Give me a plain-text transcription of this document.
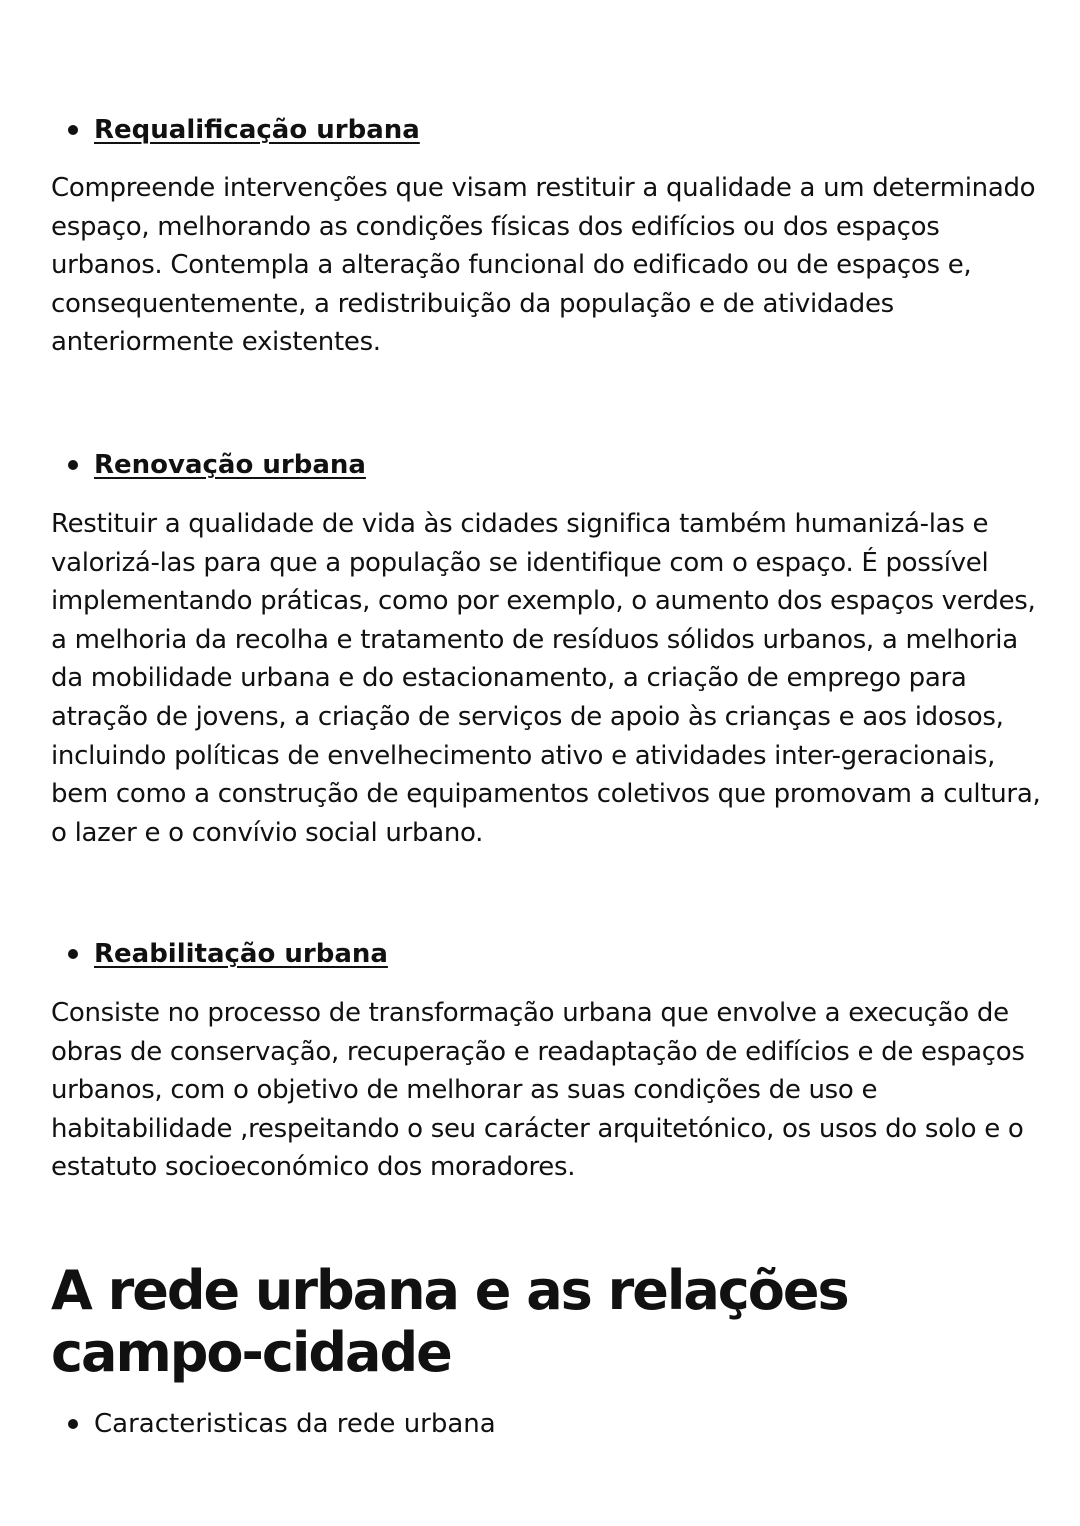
Requalificação urbana
Compreende intervenções que visam restituir a qualidade a um determinado espaço, melhorando as condições físicas dos edifícios ou dos espaços urbanos. Contempla a alteração funcional do edificado ou de espaços e, consequentemente, a redistribuição da população e de atividades anteriormente existentes.
Renovação urbana
Restituir a qualidade de vida às cidades significa também humanizá-las e valorizá-las para que a população se identifique com o espaço. É possível implementando práticas, como por exemplo, o aumento dos espaços verdes, a melhoria da recolha e tratamento de resíduos sólidos urbanos, a melhoria da mobilidade urbana e do estacionamento, a criação de emprego para atração de jovens, a criação de serviços de apoio às crianças e aos idosos, incluindo políticas de envelhecimento ativo e atividades inter-geracionais, bem como a construção de equipamentos coletivos que promovam a cultura, o lazer e o convívio social urbano.
Reabilitação urbana
Consiste no processo de transformação urbana que envolve a execução de obras de conservação, recuperação e readaptação de edifícios e de espaços urbanos, com o objetivo de melhorar as suas condições de uso e habitabilidade ,respeitando o seu carácter arquitetónico, os usos do solo e o estatuto socioeconómico dos moradores.
A rede urbana e as relações campo-cidade
Caracteristicas da rede urbana
